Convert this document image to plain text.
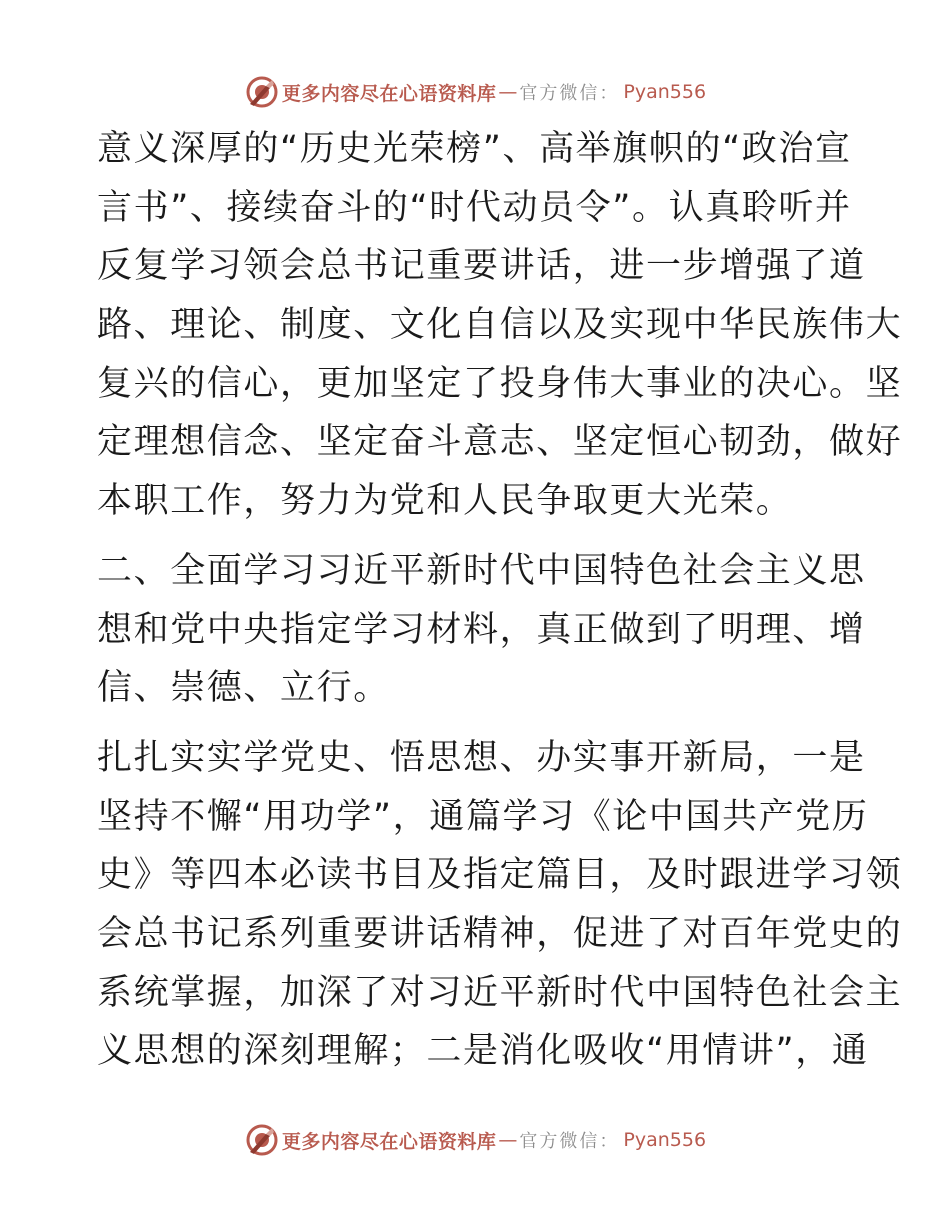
更多内容尽在心语资料库 — 官方微信： Pyan556
意义深厚的“历史光荣榜”、高举旗帜的“政治宣
言书”、接续奋斗的“时代动员令”。认真聆听并
反复学习领会总书记重要讲话，进一步增强了道
路、理论、制度、文化自信以及实现中华民族伟大
复兴的信心，更加坚定了投身伟大事业的决心。坚
定理想信念、坚定奋斗意志、坚定恒心韧劲，做好
本职工作，努力为党和人民争取更大光荣。
二、全面学习习近平新时代中国特色社会主义思
想和党中央指定学习材料，真正做到了明理、增
信、崇德、立行。
扎扎实实学党史、悟思想、办实事开新局，一是
坚持不懈“用功学”，通篇学习《论中国共产党历
史》等四本必读书目及指定篇目，及时跟进学习领
会总书记系列重要讲话精神，促进了对百年党史的
系统掌握，加深了对习近平新时代中国特色社会主
义思想的深刻理解；二是消化吸收“用情讲”，通
更多内容尽在心语资料库 — 官方微信： Pyan556
